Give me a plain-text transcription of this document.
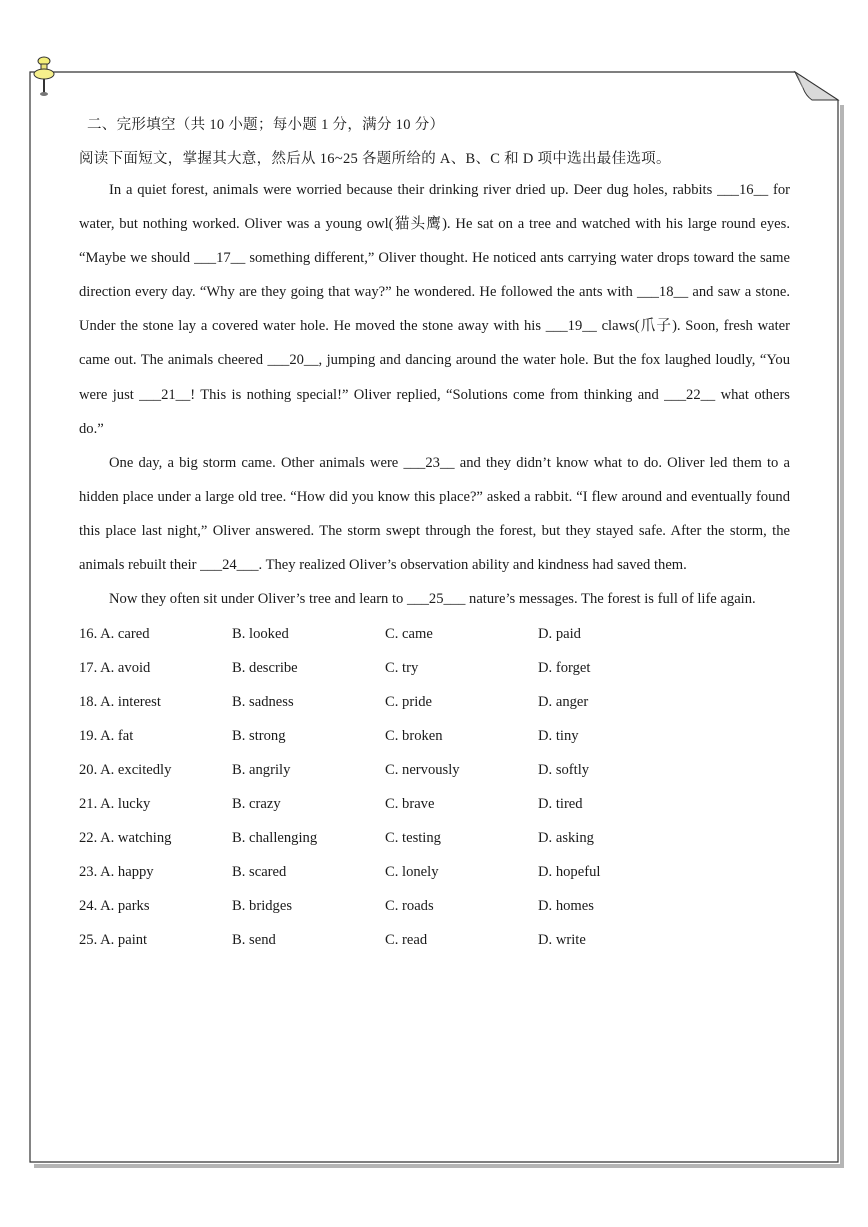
二、完形填空（共 10 小题；每小题 1 分，满分 10 分）
阅读下面短文，掌握其大意，然后从 16~25 各题所给的 A、B、C 和 D 项中选出最佳选项。

In a quiet forest, animals were worried because their drinking river dried up. Deer dug holes, rabbits ___16__ for water, but nothing worked. Oliver was a young owl(猫头鹰). He sat on a tree and watched with his large round eyes. “Maybe we should ___17__ something different,” Oliver thought. He noticed ants carrying water drops toward the same direction every day. “Why are they going that way?” he wondered. He followed the ants with ___18__ and saw a stone. Under the stone lay a covered water hole. He moved the stone away with his ___19__ claws(爪子). Soon, fresh water came out. The animals cheered ___20__, jumping and dancing around the water hole. But the fox laughed loudly, “You were just ___21__! This is nothing special!” Oliver replied, “Solutions come from thinking and ___22__ what others do.”

One day, a big storm came. Other animals were ___23__ and they didn’t know what to do. Oliver led them to a hidden place under a large old tree. “How did you know this place?” asked a rabbit. “I flew around and eventually found this place last night,” Oliver answered. The storm swept through the forest, but they stayed safe. After the storm, the animals rebuilt their ___24___. They realized Oliver’s observation ability and kindness had saved them.

Now they often sit under Oliver’s tree and learn to ___25___ nature’s messages. The forest is full of life again.

16. A. cared	B. looked	C. came	D. paid
17. A. avoid	B. describe	C. try	D. forget
18. A. interest	B. sadness	C. pride	D. anger
19. A. fat	B. strong	C. broken	D. tiny
20. A. excitedly	B. angrily	C. nervously	D. softly
21. A. lucky	B. crazy	C. brave	D. tired
22. A. watching	B. challenging	C. testing	D. asking
23. A. happy	B. scared	C. lonely	D. hopeful
24. A. parks	B. bridges	C. roads	D. homes
25. A. paint	B. send	C. read	D. write
